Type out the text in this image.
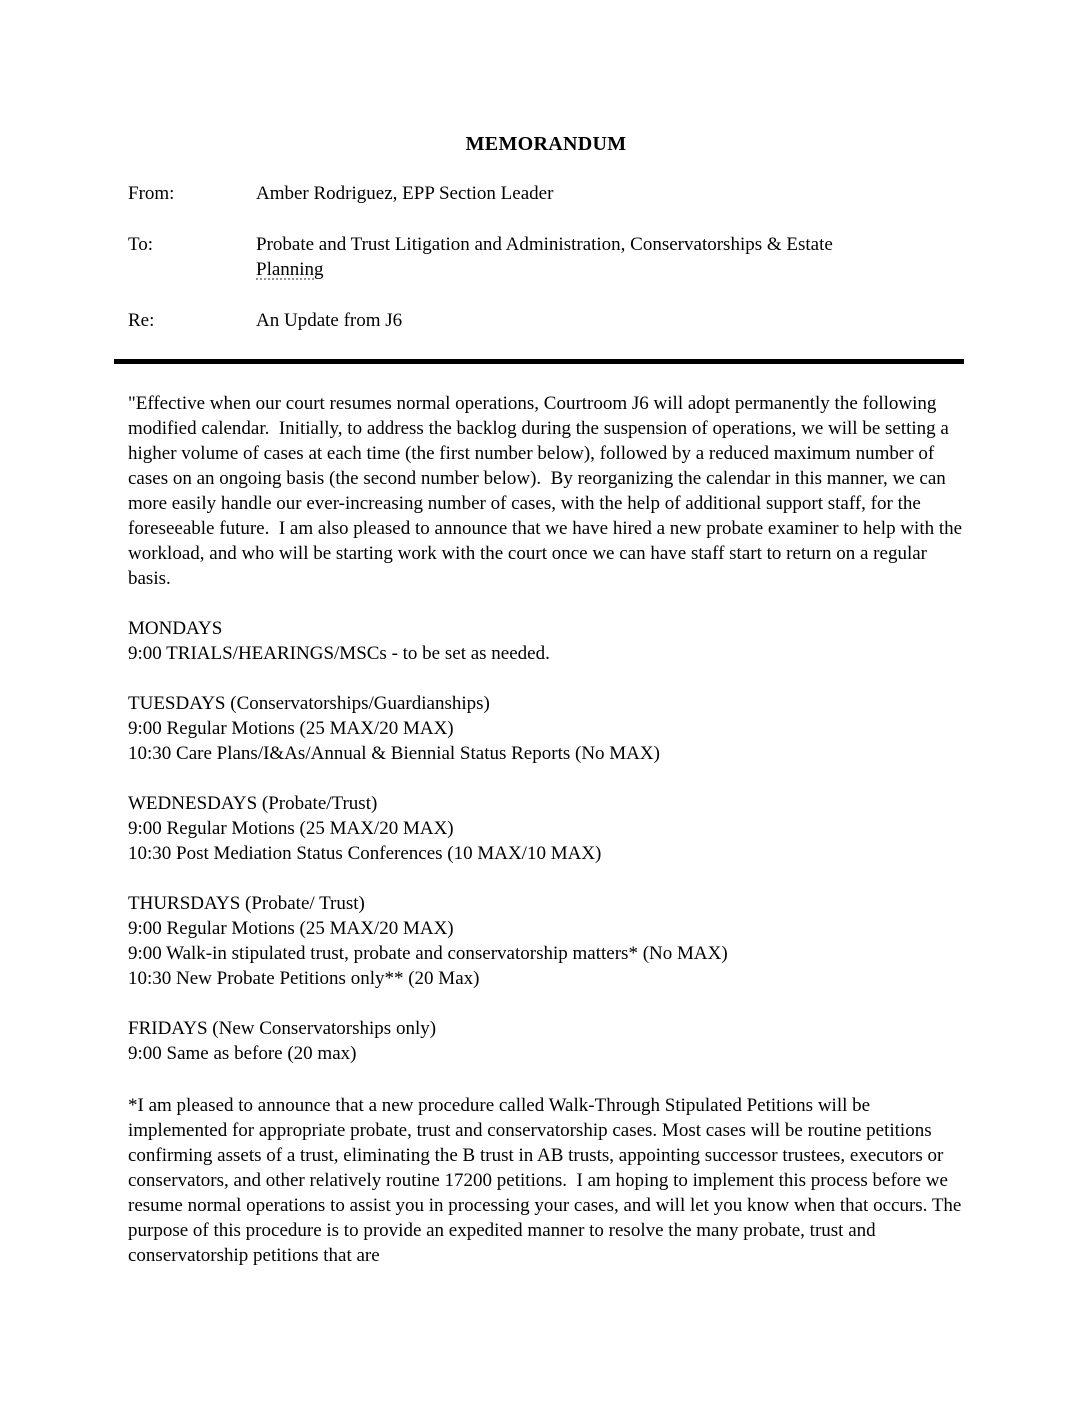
MEMORANDUM
From:	Amber Rodriguez, EPP Section Leader
To:	Probate and Trust Litigation and Administration, Conservatorships & Estate
Planning
Re:	An Update from J6

"Effective when our court resumes normal operations, Courtroom J6 will adopt permanently the following modified calendar.  Initially, to address the backlog during the suspension of operations, we will be setting a higher volume of cases at each time (the first number below), followed by a reduced maximum number of cases on an ongoing basis (the second number below).  By reorganizing the calendar in this manner, we can more easily handle our ever-increasing number of cases, with the help of additional support staff, for the foreseeable future.  I am also pleased to announce that we have hired a new probate examiner to help with the workload, and who will be starting work with the court once we can have staff start to return on a regular basis.

MONDAYS
9:00 TRIALS/HEARINGS/MSCs - to be set as needed.
TUESDAYS (Conservatorships/Guardianships)
9:00 Regular Motions (25 MAX/20 MAX)
10:30 Care Plans/I&As/Annual & Biennial Status Reports (No MAX)
WEDNESDAYS (Probate/Trust)
9:00 Regular Motions (25 MAX/20 MAX)
10:30 Post Mediation Status Conferences (10 MAX/10 MAX)
THURSDAYS (Probate/ Trust)
9:00 Regular Motions (25 MAX/20 MAX)
9:00 Walk-in stipulated trust, probate and conservatorship matters* (No MAX)
10:30 New Probate Petitions only** (20 Max)
FRIDAYS (New Conservatorships only)
9:00 Same as before (20 max)

*I am pleased to announce that a new procedure called Walk-Through Stipulated Petitions will be implemented for appropriate probate, trust and conservatorship cases. Most cases will be routine petitions confirming assets of a trust, eliminating the B trust in AB trusts, appointing successor trustees, executors or conservators, and other relatively routine 17200 petitions.  I am hoping to implement this process before we resume normal operations to assist you in processing your cases, and will let you know when that occurs. The purpose of this procedure is to provide an expedited manner to resolve the many probate, trust and conservatorship petitions that are
